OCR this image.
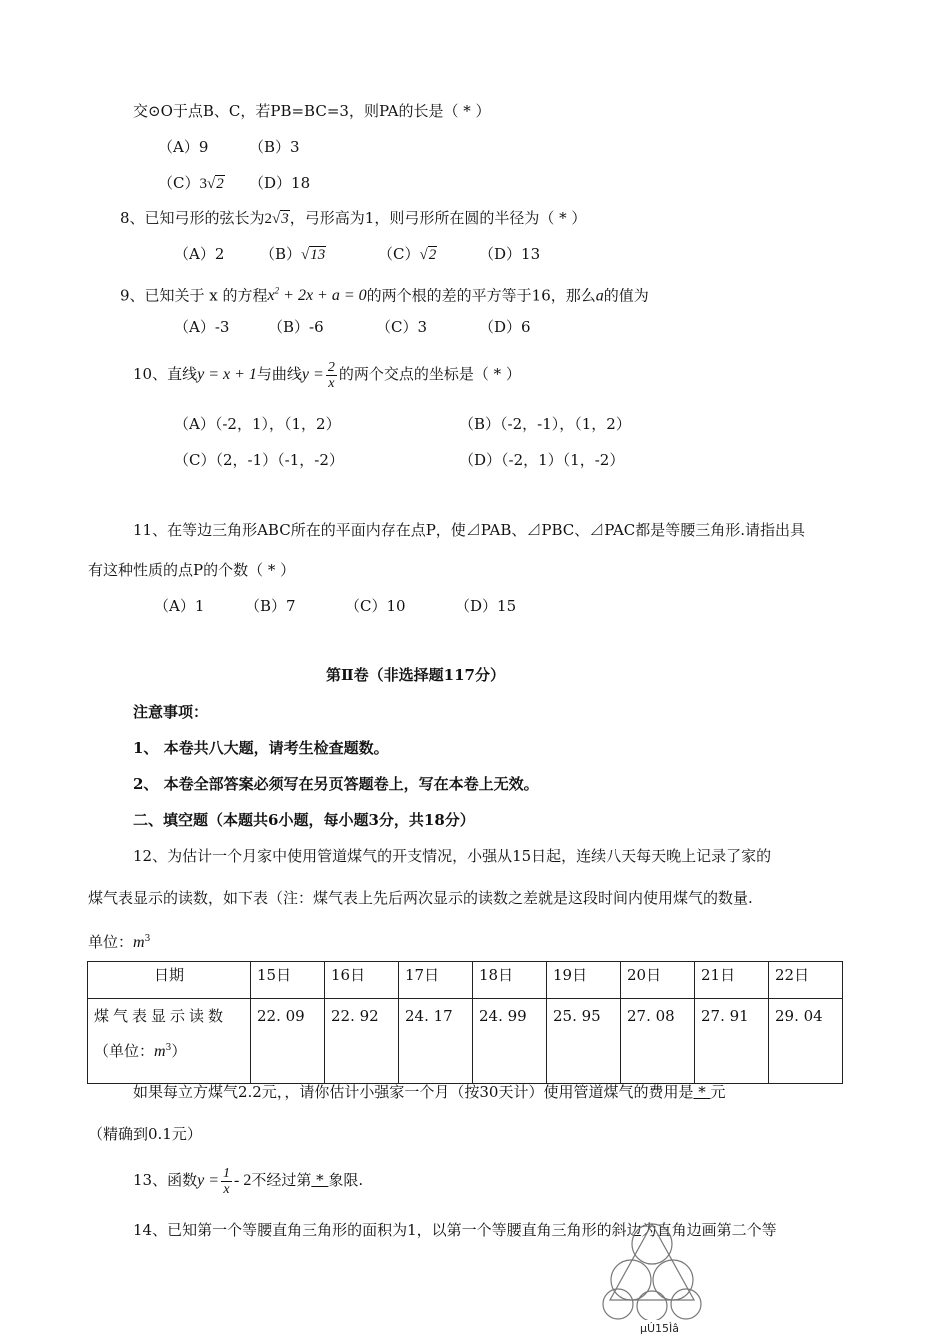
交⊙O于点B、C，若PB=BC=3，则PA的长是（ * ）
（A）9	（B）3
（C）3√2 （D）18
8、已知弓形的弦长为2√3，弓形高为1，则弓形所在圆的半径为（ * ）
（A）2 （B）√13	（C）√2	（D）13
9、已知关于 x 的方程$x^2 + 2x + a = 0$的两个根的差的平方等于16，那么a的值为
（A）-3	（B）-6	（C）3	（D）6
10、直线y = x + 1与曲线$y = \frac{2}{x}$ 的两个交点的坐标是（ * ）
（A）（-2，1），（1，2）	（B）（-2，-1），（1，2）
（C）（2，-1）（-1，-2）	（D）（-2，1）（1，-2）
11、在等边三角形ABC所在的平面内存在点P，使⊿PAB、⊿PBC、⊿PAC都是等腰三角形.请指出具
有这种性质的点P的个数（ * ）
（A）1	（B）7	（C）10	（D）15
第Ⅱ卷（非选择题117分）
注意事项：
1、 本卷共八大题，请考生检查题数。
2、 本卷全部答案必须写在另页答题卷上，写在本卷上无效。
二、填空题（本题共6小题，每小题3分，共18分）
12、为估计一个月家中使用管道煤气的开支情况，小强从15日起，连续八天每天晚上记录了家的
煤气表显示的读数，如下表（注：煤气表上先后两次显示的读数之差就是这段时间内使用煤气的数量.
单位：$m^3$
日期	15日	16日	17日	18日	19日	20日	21日	22日

煤气表显示读数
（单位：$m^3$）	22. 09	22. 92	24. 17	24. 99	25. 95	27. 08	27. 91	29. 04
如果每立方煤气2.2元，，请你估计小强家一个月（按30天计）使用管道煤气的费用是 * 元
（精确到0.1元）
13、函数$y = \frac{1}{x} - 2$不经过第 * 象限.
14、已知第一个等腰直角三角形的面积为1，以第一个等腰直角三角形的斜边为直角边画第二个等
µÚ15Ìâ
